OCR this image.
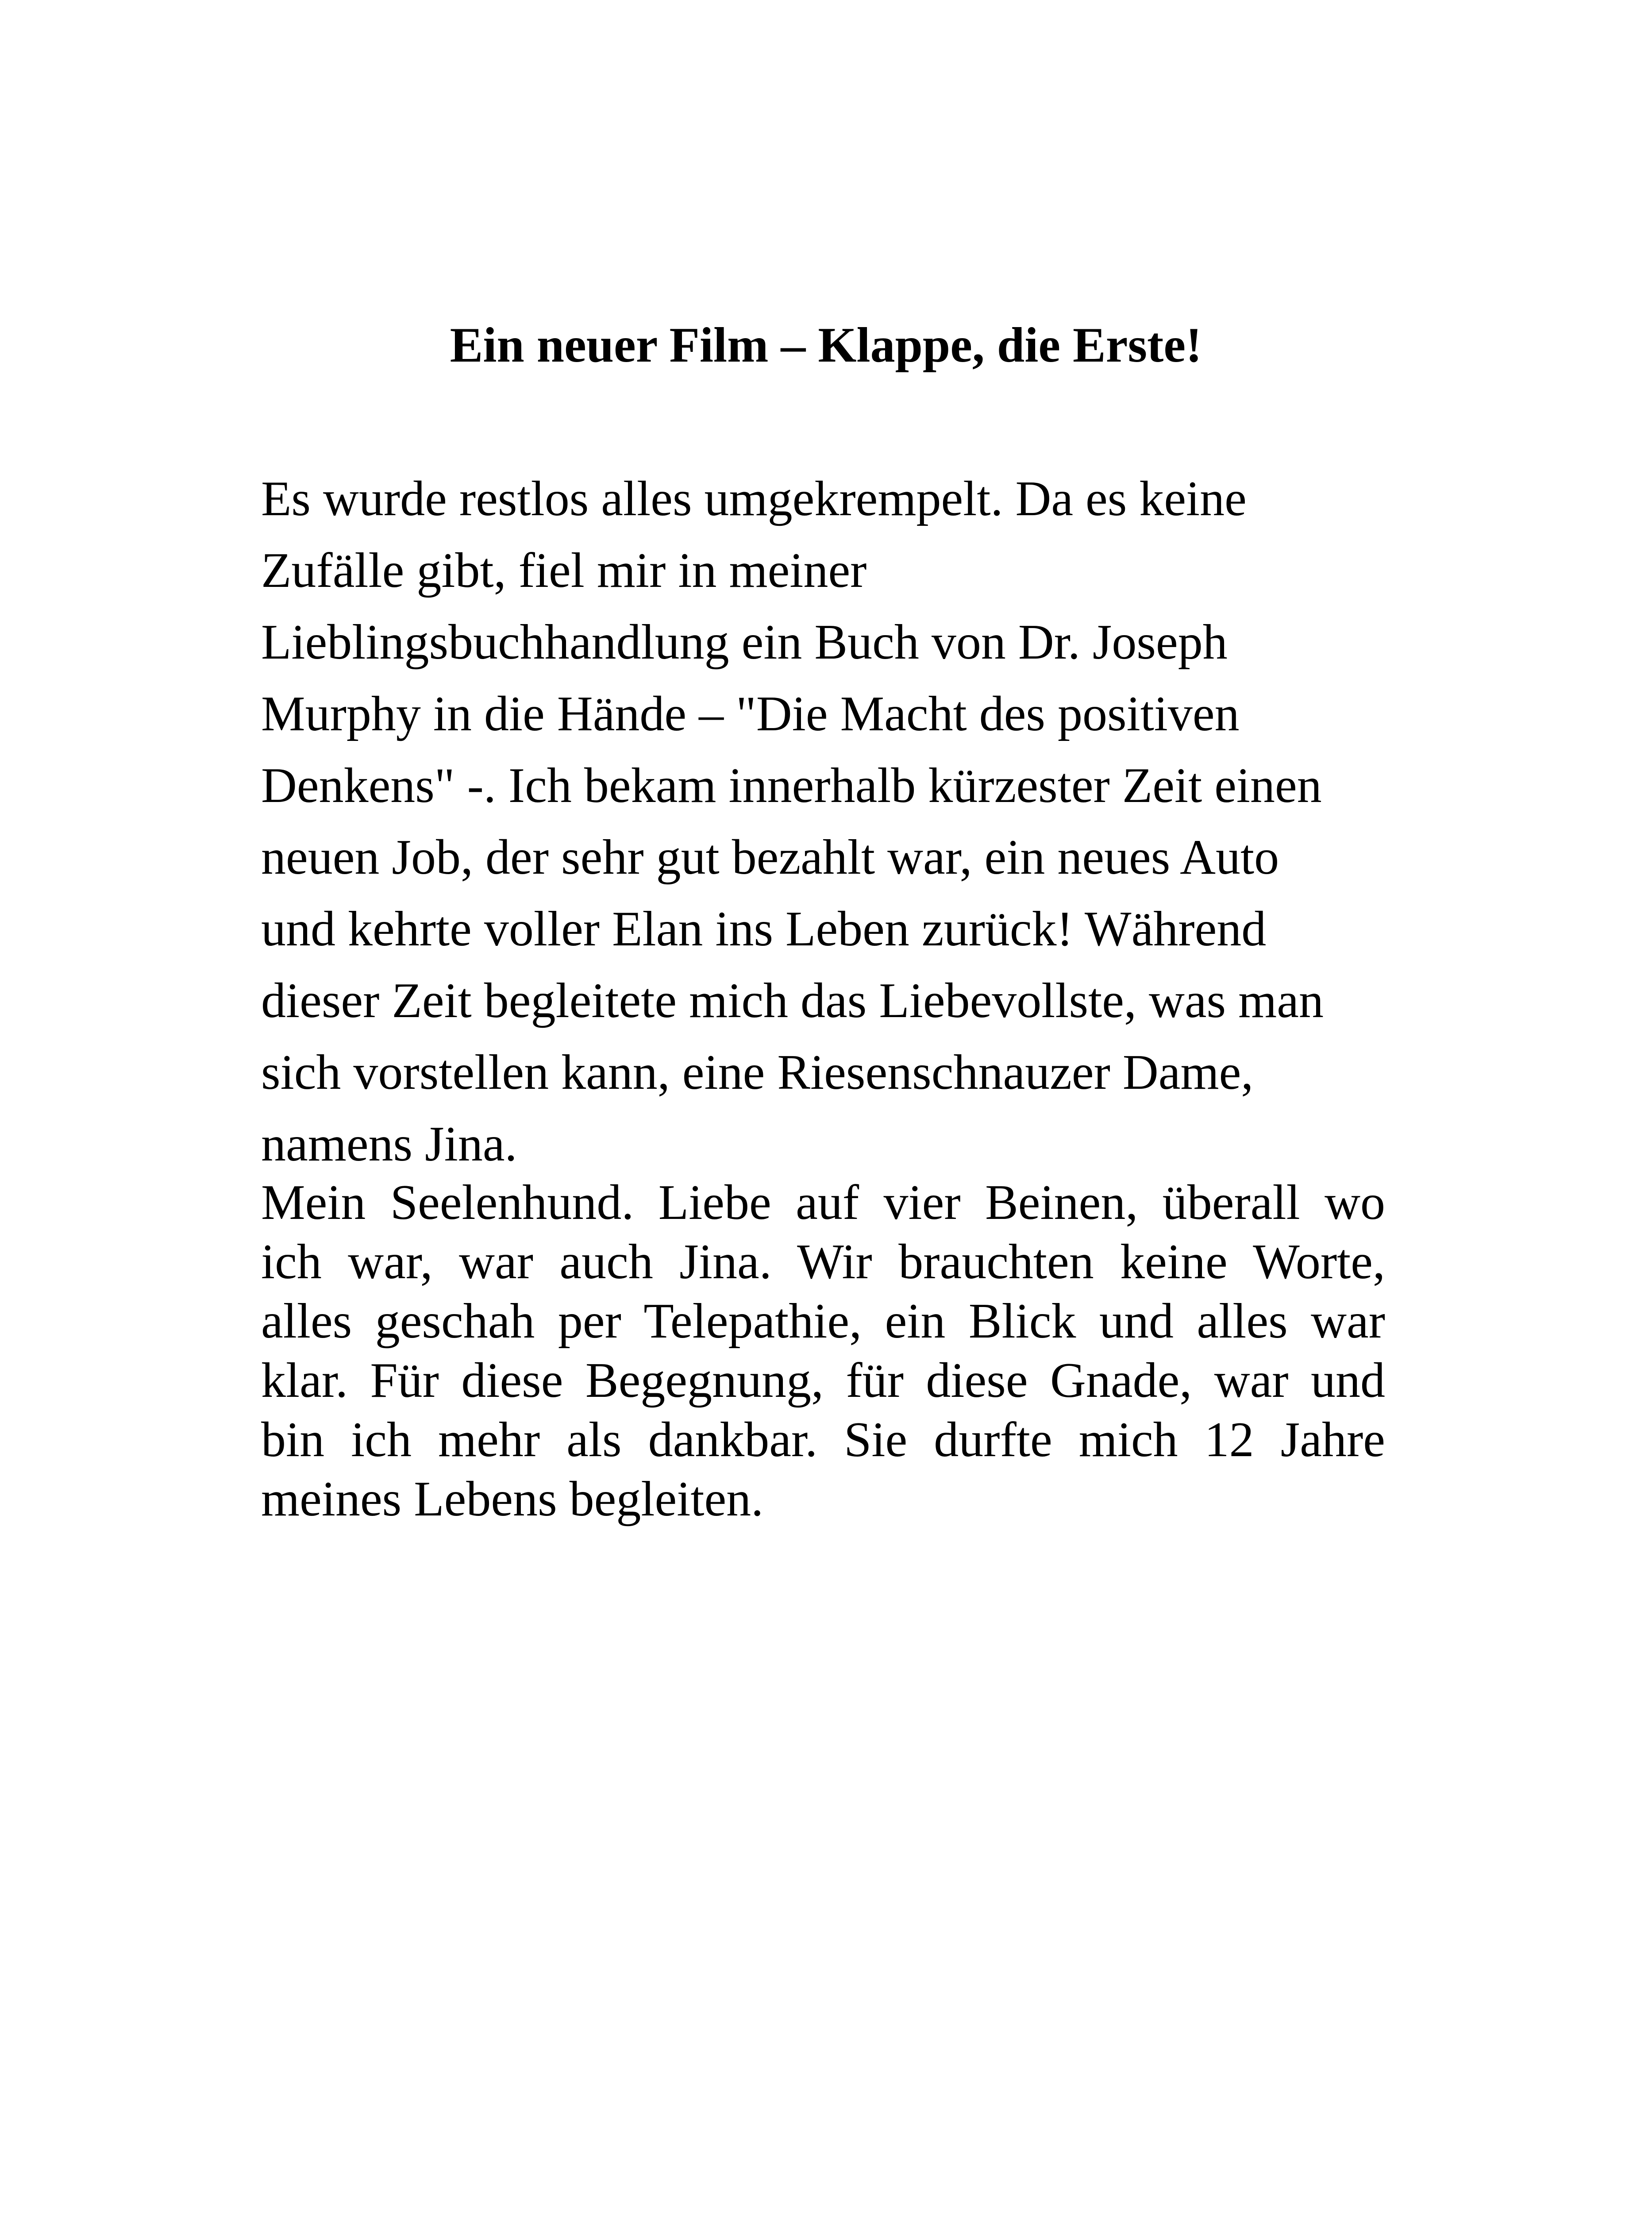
Ein neuer Film – Klappe, die Erste!
Es wurde restlos alles umgekrempelt. Da es keine
Zufälle gibt, fiel mir in meiner
Lieblingsbuchhandlung ein Buch von Dr. Joseph
Murphy in die Hände – "Die Macht des positiven
Denkens" -. Ich bekam innerhalb kürzester Zeit einen
neuen Job, der sehr gut bezahlt war, ein neues Auto
und kehrte voller Elan ins Leben zurück! Während
dieser Zeit begleitete mich das Liebevollste, was man
sich vorstellen kann, eine Riesenschnauzer Dame,
namens Jina.
Mein Seelenhund. Liebe auf vier Beinen, überall wo
ich war, war auch Jina. Wir brauchten keine Worte,
alles geschah per Telepathie, ein Blick und alles war
klar. Für diese Begegnung, für diese Gnade, war und
bin ich mehr als dankbar. Sie durfte mich 12 Jahre
meines Lebens begleiten.
